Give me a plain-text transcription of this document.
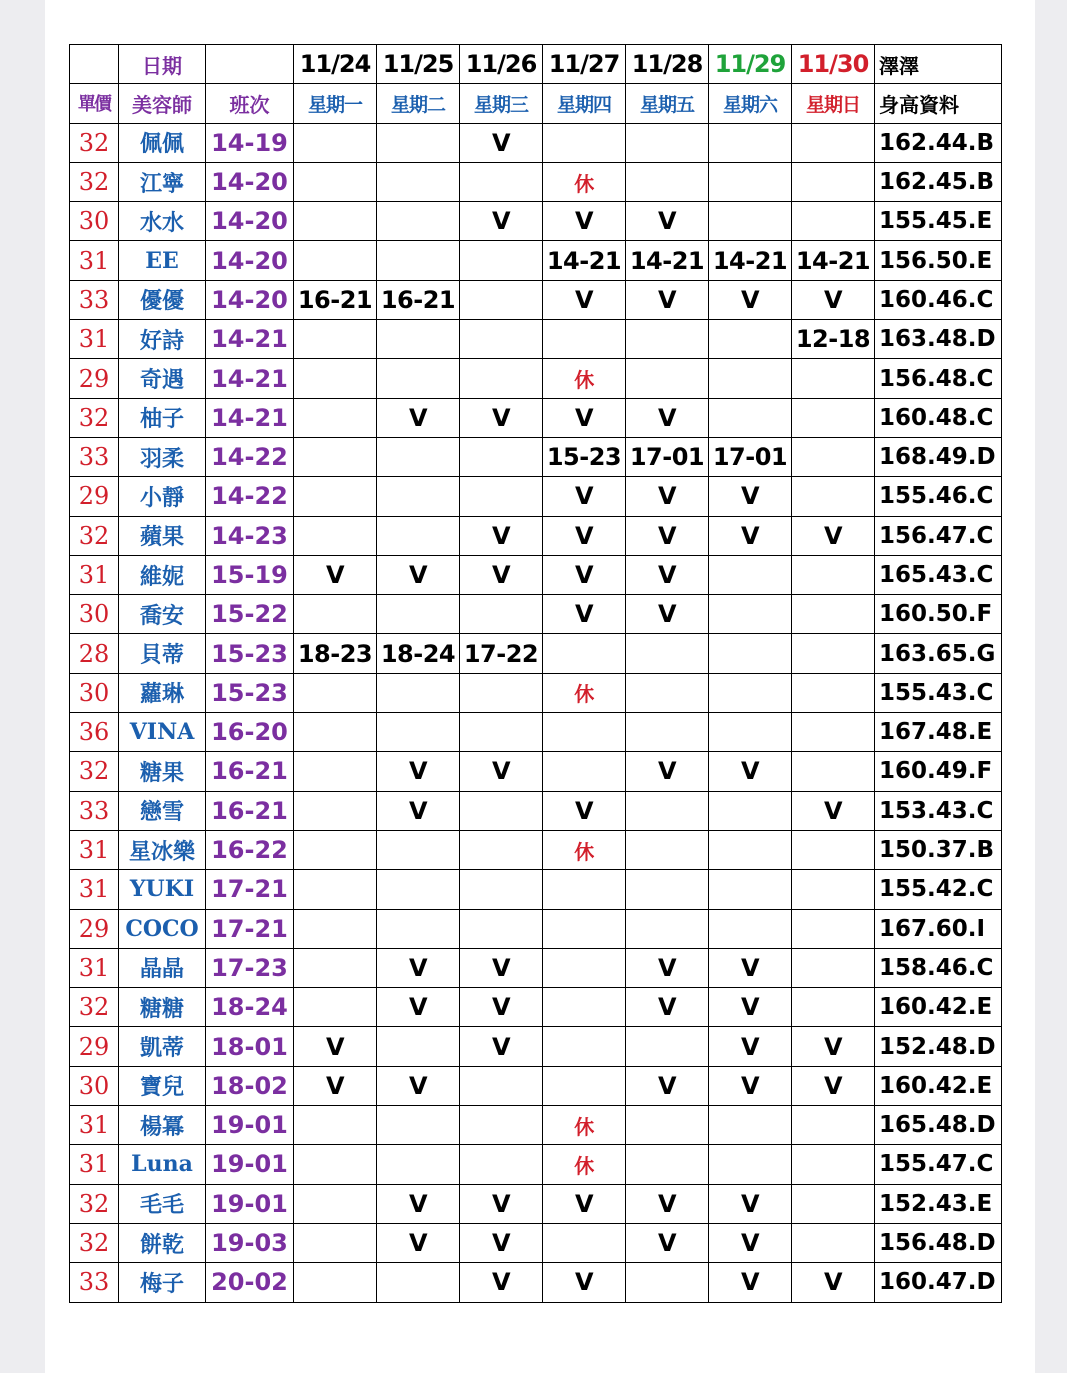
	日期		11/24	11/25	11/26	11/27	11/28	11/29	11/30	澤澤
單價	美容師	班次	星期一	星期二	星期三	星期四	星期五	星期六	星期日	身高資料
32	佩佩	14-19			V					162.44.B
32	江寧	14-20				休				162.45.B
30	水水	14-20			V	V	V			155.45.E
31	EE	14-20				14-21	14-21	14-21	14-21	156.50.E
33	優優	14-20	16-21	16-21		V	V	V	V	160.46.C
31	好詩	14-21							12-18	163.48.D
29	奇遇	14-21				休				156.48.C
32	柚子	14-21		V	V	V	V			160.48.C
33	羽柔	14-22				15-23	17-01	17-01		168.49.D
29	小靜	14-22				V	V	V		155.46.C
32	蘋果	14-23			V	V	V	V	V	156.47.C
31	維妮	15-19	V	V	V	V	V			165.43.C
30	喬安	15-22				V	V			160.50.F
28	貝蒂	15-23	18-23	18-24	17-22					163.65.G
30	蘿琳	15-23				休				155.43.C
36	VINA	16-20								167.48.E
32	糖果	16-21		V	V		V	V		160.49.F
33	戀雪	16-21		V		V			V	153.43.C
31	星冰樂	16-22				休				150.37.B
31	YUKI	17-21								155.42.C
29	COCO	17-21								167.60.I
31	晶晶	17-23		V	V		V	V		158.46.C
32	糖糖	18-24		V	V		V	V		160.42.E
29	凱蒂	18-01	V		V			V	V	152.48.D
30	寶兒	18-02	V	V			V	V	V	160.42.E
31	楊冪	19-01				休				165.48.D
31	Luna	19-01				休				155.47.C
32	毛毛	19-01		V	V	V	V	V		152.43.E
32	餅乾	19-03		V	V		V	V		156.48.D
33	梅子	20-02			V	V		V	V	160.47.D
